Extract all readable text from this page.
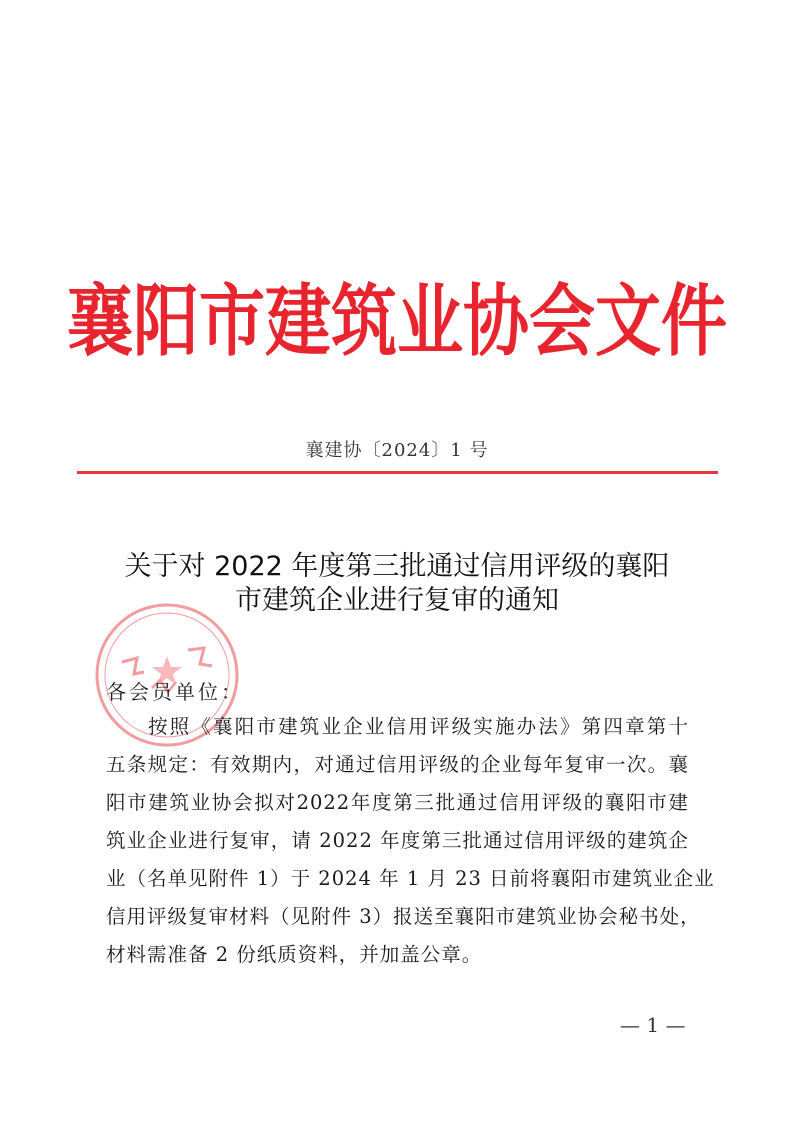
襄阳市建筑业协会文件
襄建协〔2024〕1 号
关于对 2022 年度第三批通过信用评级的襄阳
市建筑企业进行复审的通知
各会员单位：
按照《襄阳市建筑业企业信用评级实施办法》第四章第十
五条规定：有效期内，对通过信用评级的企业每年复审一次。襄
阳市建筑业协会拟对2022年度第三批通过信用评级的襄阳市建
筑业企业进行复审，请 2022 年度第三批通过信用评级的建筑企
业（名单见附件 1）于 2024 年 1 月 23 日前将襄阳市建筑业企业
信用评级复审材料（见附件 3）报送至襄阳市建筑业协会秘书处，
材料需准备 2 份纸质资料，并加盖公章。
— 1 —
